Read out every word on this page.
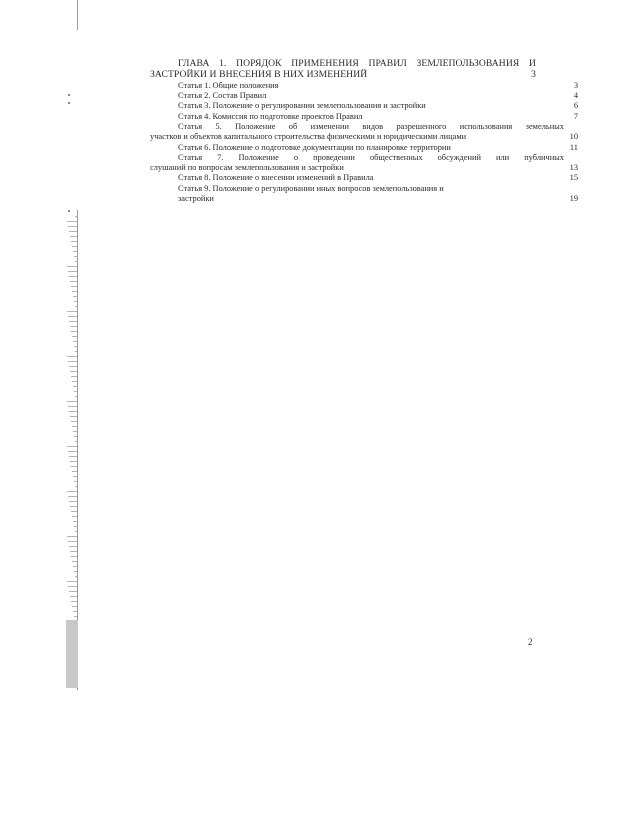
ГЛАВА 1. ПОРЯДОК ПРИМЕНЕНИЯ ПРАВИЛ ЗЕМЛЕПОЛЬЗОВАНИЯ И
ЗАСТРОЙКИ И ВНЕСЕНИЯ В НИХ ИЗМЕНЕНИЙ	3
Статья 1. Общие положения	3
Статья 2. Состав Правил	4
Статья 3. Положение о регулировании землепользования и застройки	6
Статья 4. Комиссия по подготовке проектов Правил	7
Статья 5. Положение об изменении видов разрешенного использования земельных
участков и объектов капитального строительства физическими и юридическими лицами	10
Статья 6. Положение о подготовке документации по планировке территории	11
Статья 7. Положение о проведении общественных обсуждений или публичных
слушаний по вопросам землепользования и застройки	13
Статья 8. Положение о внесении изменений в Правила	15
Статья 9. Положение о регулировании иных вопросов землепользования и
застройки	19
2
